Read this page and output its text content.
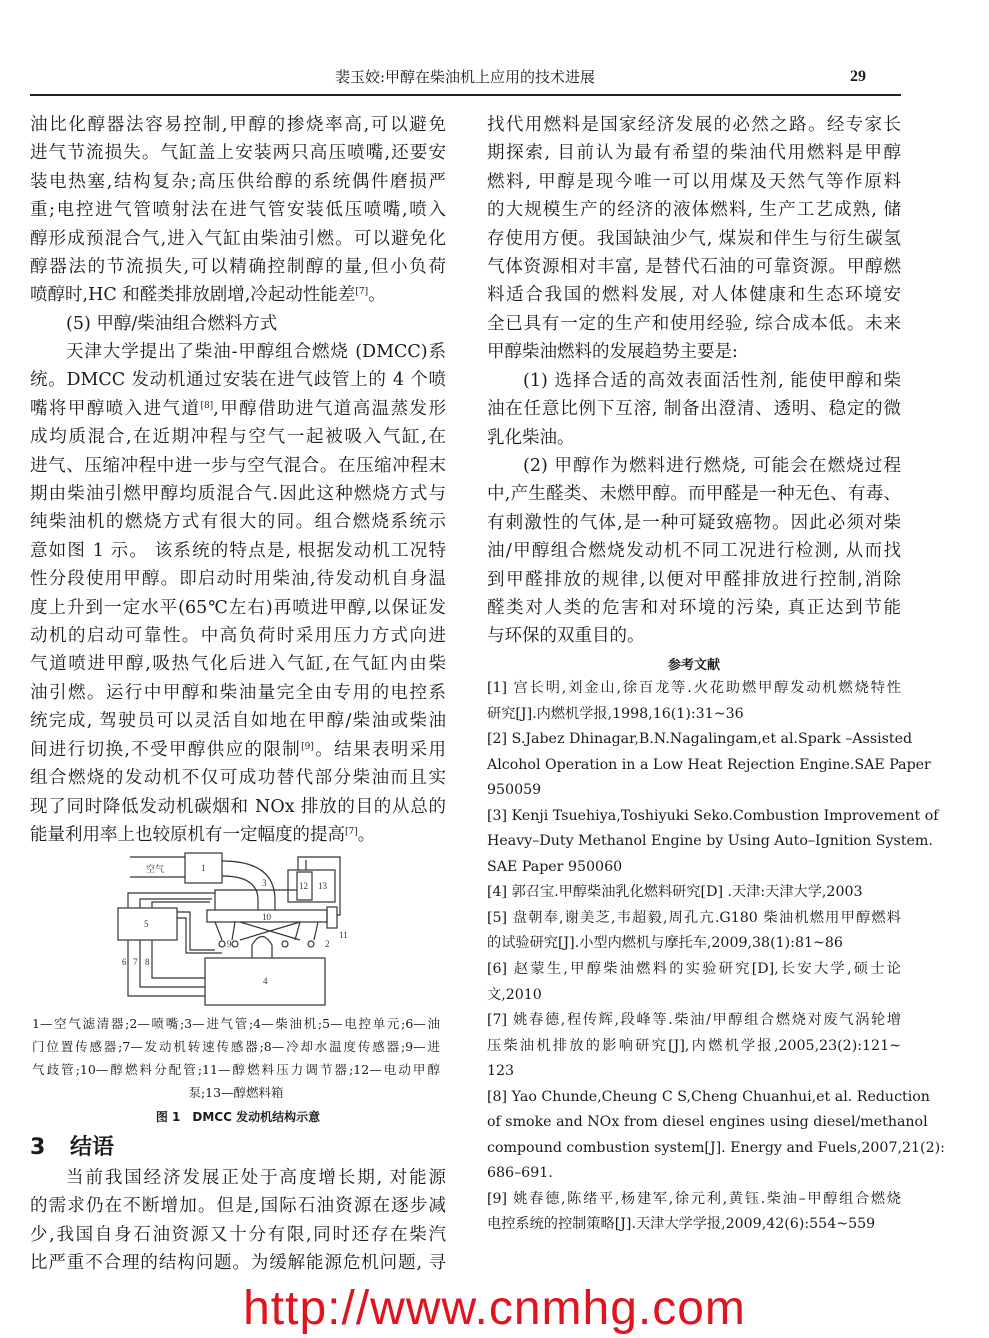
裴玉姣:甲醇在柴油机上应用的技术进展	29
油比化醇器法容易控制,甲醇的掺烧率高,可以避免
进气节流损失。气缸盖上安装两只高压喷嘴,还要安
装电热塞,结构复杂;高压供给醇的系统偶件磨损严
重;电控进气管喷射法在进气管安装低压喷嘴,喷入
醇形成预混合气,进入气缸由柴油引燃。可以避免化
醇器法的节流损失,可以精确控制醇的量,但小负荷
喷醇时,HC 和醛类排放剧增,冷起动性能差[7]。
(5) 甲醇/柴油组合燃料方式
天津大学提出了柴油-甲醇组合燃烧 (DMCC)系
统。DMCC 发动机通过安装在进气歧管上的 4 个喷
嘴将甲醇喷入进气道[8],甲醇借助进气道高温蒸发形
成均质混合,在近期冲程与空气一起被吸入气缸,在
进气、压缩冲程中进一步与空气混合。在压缩冲程末
期由柴油引燃甲醇均质混合气.因此这种燃烧方式与
纯柴油机的燃烧方式有很大的同。组合燃烧系统示
意如图 1 示。 该系统的特点是, 根据发动机工况特
性分段使用甲醇。即启动时用柴油,待发动机自身温
度上升到一定水平(65℃左右)再喷进甲醇,以保证发
动机的启动可靠性。中高负荷时采用压力方式向进
气道喷进甲醇,吸热气化后进入气缸,在气缸内由柴
油引燃。运行中甲醇和柴油量完全由专用的电控系
统完成, 驾驶员可以灵活自如地在甲醇/柴油或柴油
间进行切换,不受甲醇供应的限制[9]。结果表明采用
组合燃烧的发动机不仅可成功替代部分柴油而且实
现了同时降低发动机碳烟和 NOx 排放的目的从总的
能量利用率上也较原机有一定幅度的提高[7]。
空气	1
2
3
4
5
6 7 8
9
10
11
12 13
1—空气滤清器;2—喷嘴;3—进气管;4—柴油机;5—电控单元;6—油
门位置传感器;7—发动机转速传感器;8—冷却水温度传感器;9—进
气歧管;10—醇燃料分配管;11—醇燃料压力调节器;12—电动甲醇
泵;13—醇燃料箱
图 1　DMCC 发动机结构示意
3 结语
当前我国经济发展正处于高度增长期, 对能源
的需求仍在不断增加。但是,国际石油资源在逐步减
少,我国自身石油资源又十分有限,同时还存在柴汽
比严重不合理的结构问题。为缓解能源危机问题, 寻
找代用燃料是国家经济发展的必然之路。经专家长
期探索, 目前认为最有希望的柴油代用燃料是甲醇
燃料, 甲醇是现今唯一可以用煤及天然气等作原料
的大规模生产的经济的液体燃料, 生产工艺成熟, 储
存使用方便。我国缺油少气, 煤炭和伴生与衍生碳氢
气体资源相对丰富, 是替代石油的可靠资源。甲醇燃
料适合我国的燃料发展, 对人体健康和生态环境安
全已具有一定的生产和使用经验, 综合成本低。未来
甲醇柴油燃料的发展趋势主要是:
(1) 选择合适的高效表面活性剂, 能使甲醇和柴
油在任意比例下互溶, 制备出澄清、透明、稳定的微
乳化柴油。
(2) 甲醇作为燃料进行燃烧, 可能会在燃烧过程
中,产生醛类、未燃甲醇。而甲醛是一种无色、有毒、
有刺激性的气体,是一种可疑致癌物。因此必须对柴
油/甲醇组合燃烧发动机不同工况进行检测, 从而找
到甲醛排放的规律,以便对甲醛排放进行控制,消除
醛类对人类的危害和对环境的污染, 真正达到节能
与环保的双重目的。
参考文献
[1] 宫长明,刘金山,徐百龙等.火花助燃甲醇发动机燃烧特性
研究[J].内燃机学报,1998,16(1):31~36
[2] S.Jabez Dhinagar,B.N.Nagalingam,et al.Spark –Assisted
Alcohol Operation in a Low Heat Rejection Engine.SAE Paper
950059
[3] Kenji Tsuehiya,Toshiyuki Seko.Combustion Improvement of
Heavy–Duty Methanol Engine by Using Auto–Ignition System.
SAE Paper 950060
[4] 郭召宝.甲醇柴油乳化燃料研究[D] .天津:天津大学,2003
[5] 盘朝奉,谢美芝,韦超毅,周孔亢.G180 柴油机燃用甲醇燃料
的试验研究[J].小型内燃机与摩托车,2009,38(1):81~86
[6] 赵蒙生,甲醇柴油燃料的实验研究[D],长安大学,硕士论
文,2010
[7] 姚春德,程传辉,段峰等.柴油/甲醇组合燃烧对废气涡轮增
压柴油机排放的影响研究[J],内燃机学报,2005,23(2):121~
123
[8] Yao Chunde,Cheung C S,Cheng Chuanhui,et al. Reduction
of smoke and NOx from diesel engines using diesel/methanol
compound combustion system[J]. Energy and Fuels,2007,21(2):
686–691.
[9] 姚春德,陈绪平,杨建军,徐元利,黄钰.柴油–甲醇组合燃烧
电控系统的控制策略[J].天津大学学报,2009,42(6):554~559
http://www.cnmhg.com
